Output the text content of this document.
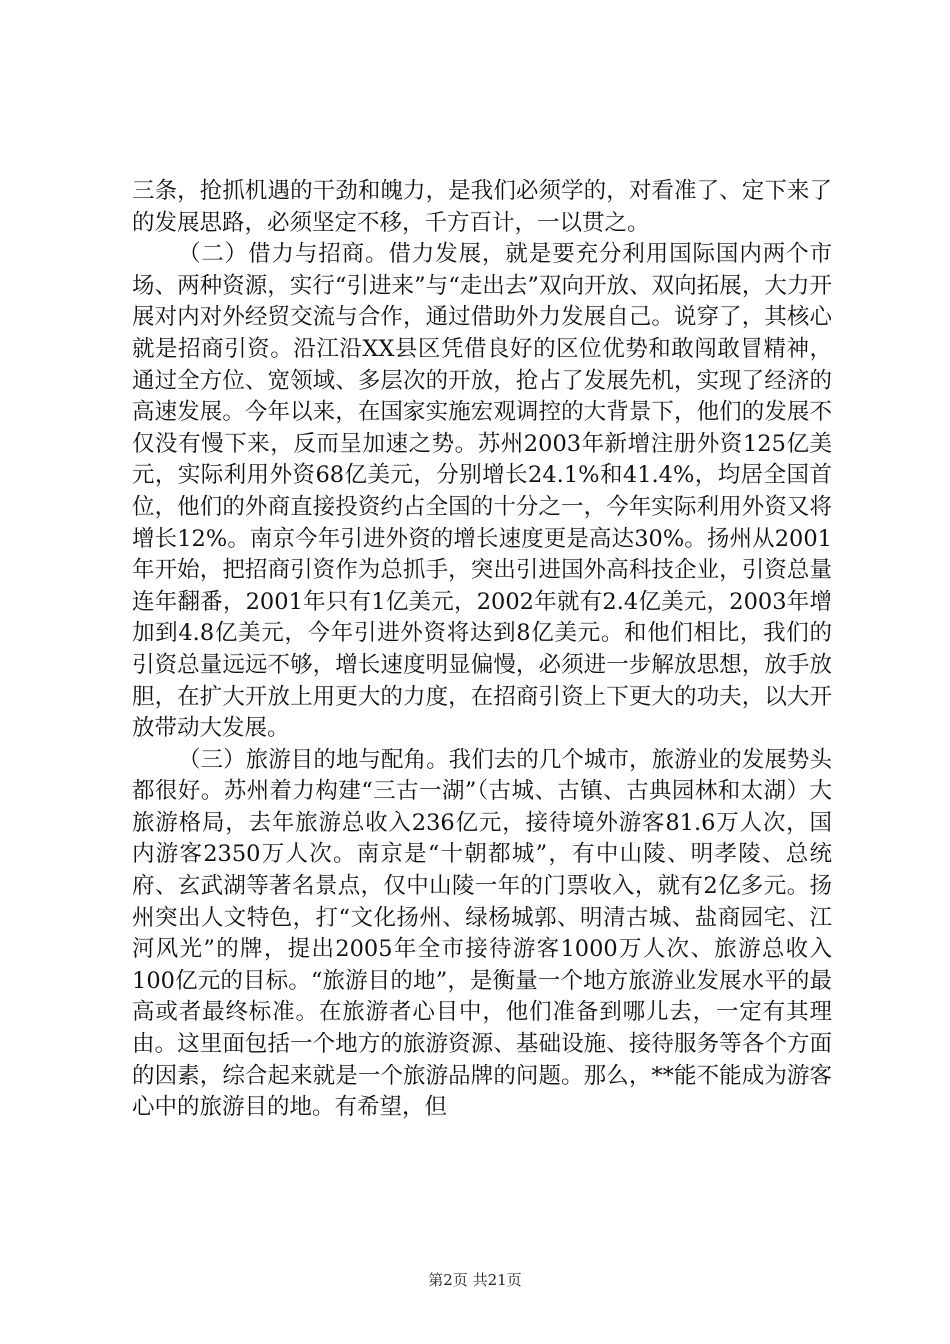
三条，抢抓机遇的干劲和魄力，是我们必须学的，对看准了、定下来了的发展思路，必须坚定不移，千方百计，一以贯之。

（二）借力与招商。借力发展，就是要充分利用国际国内两个市场、两种资源，实行“引进来”与“走出去”双向开放、双向拓展，大力开展对内对外经贸交流与合作，通过借助外力发展自己。说穿了，其核心就是招商引资。沿江沿XX县区凭借良好的区位优势和敢闯敢冒精神，通过全方位、宽领域、多层次的开放，抢占了发展先机，实现了经济的高速发展。今年以来，在国家实施宏观调控的大背景下，他们的发展不仅没有慢下来，反而呈加速之势。苏州2003年新增注册外资125亿美元，实际利用外资68亿美元，分别增长24.1%和41.4%，均居全国首位，他们的外商直接投资约占全国的十分之一，今年实际利用外资又将增长12%。南京今年引进外资的增长速度更是高达30%。扬州从2001年开始，把招商引资作为总抓手，突出引进国外高科技企业，引资总量连年翻番，2001年只有1亿美元，2002年就有2.4亿美元，2003年增加到4.8亿美元，今年引进外资将达到8亿美元。和他们相比，我们的引资总量远远不够，增长速度明显偏慢，必须进一步解放思想，放手放胆，在扩大开放上用更大的力度，在招商引资上下更大的功夫，以大开放带动大发展。

（三）旅游目的地与配角。我们去的几个城市，旅游业的发展势头都很好。苏州着力构建“三古一湖”（古城、古镇、古典园林和太湖）大旅游格局，去年旅游总收入236亿元，接待境外游客81.6万人次，国内游客2350万人次。南京是“十朝都城”，有中山陵、明孝陵、总统府、玄武湖等著名景点，仅中山陵一年的门票收入，就有2亿多元。扬州突出人文特色，打“文化扬州、绿杨城郭、明清古城、盐商园宅、江河风光”的牌，提出2005年全市接待游客1000万人次、旅游总收入100亿元的目标。“旅游目的地”，是衡量一个地方旅游业发展水平的最高或者最终标准。在旅游者心目中，他们准备到哪儿去，一定有其理由。这里面包括一个地方的旅游资源、基础设施、接待服务等各个方面的因素，综合起来就是一个旅游品牌的问题。那么，**能不能成为游客心中的旅游目的地。有希望，但

第2页 共21页
